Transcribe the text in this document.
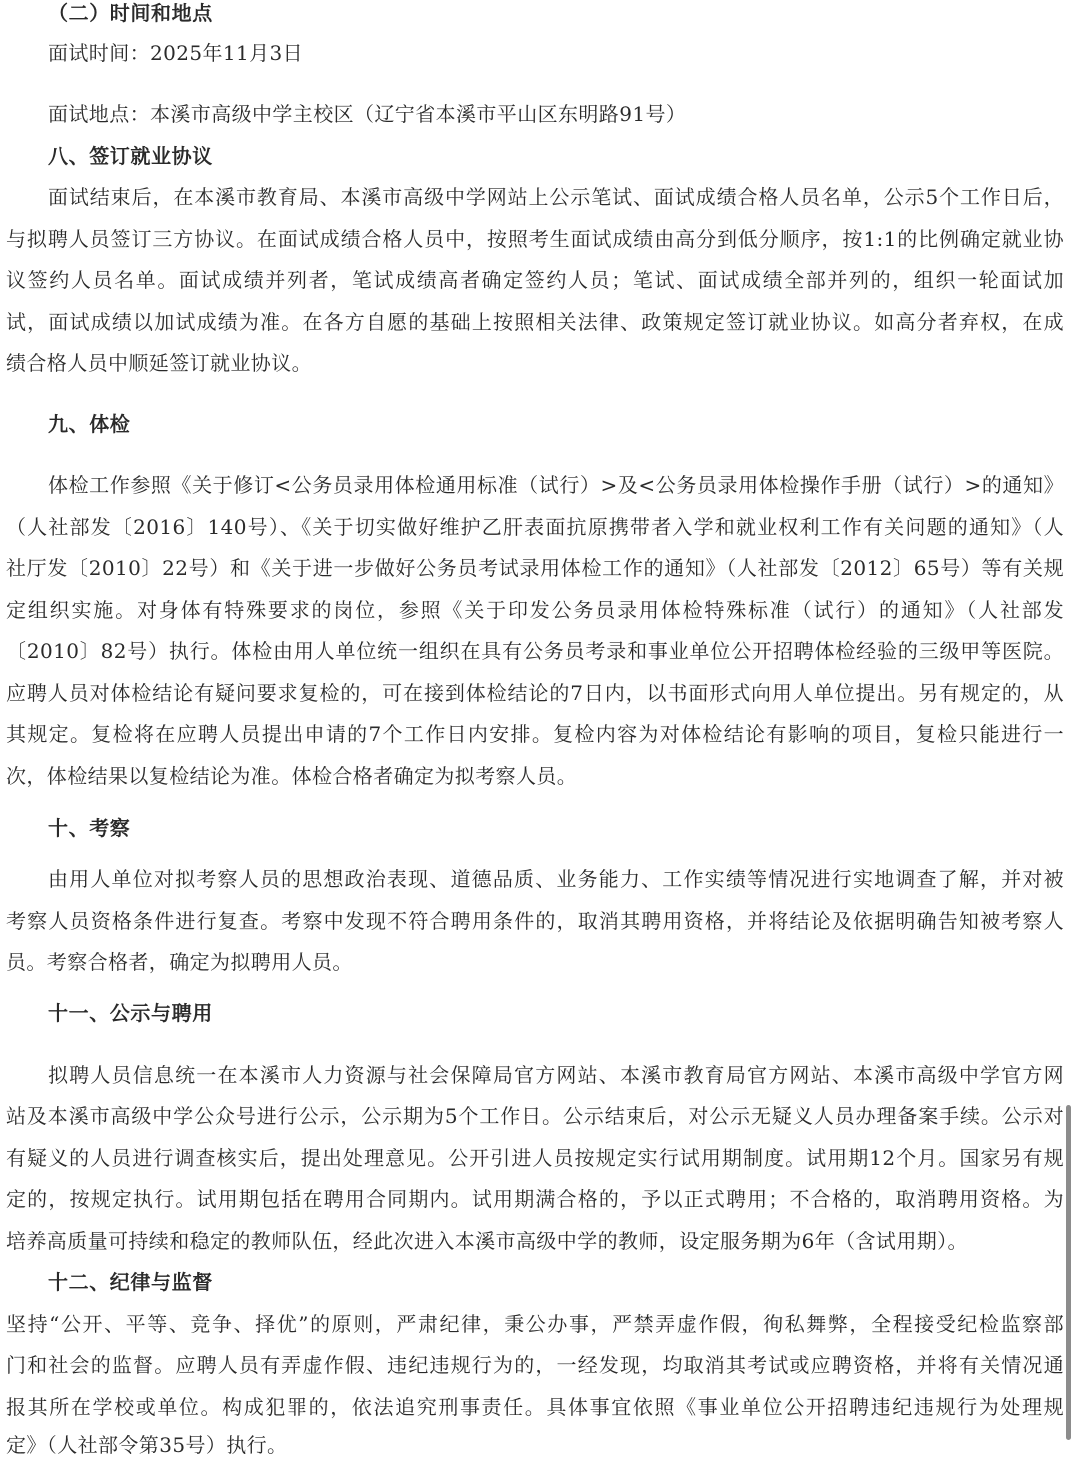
（二）时间和地点
面试时间：2025年11月3日
面试地点：本溪市高级中学主校区（辽宁省本溪市平山区东明路91号）
八、签订就业协议
面试结束后，在本溪市教育局、本溪市高级中学网站上公示笔试、面试成绩合格人员名单，公示5个工作日后，
与拟聘人员签订三方协议。在面试成绩合格人员中，按照考生面试成绩由高分到低分顺序，按1:1的比例确定就业协
议签约人员名单。面试成绩并列者，笔试成绩高者确定签约人员；笔试、面试成绩全部并列的，组织一轮面试加
试，面试成绩以加试成绩为准。在各方自愿的基础上按照相关法律、政策规定签订就业协议。如高分者弃权，在成
绩合格人员中顺延签订就业协议。
九、体检
体检工作参照《关于修订<公务员录用体检通用标准（试行）>及<公务员录用体检操作手册（试行）>的通知》
（人社部发〔2016〕140号）、《关于切实做好维护乙肝表面抗原携带者入学和就业权利工作有关问题的通知》（人
社厅发〔2010〕22号）和《关于进一步做好公务员考试录用体检工作的通知》（人社部发〔2012〕65号）等有关规
定组织实施。对身体有特殊要求的岗位，参照《关于印发公务员录用体检特殊标准（试行）的通知》（人社部发
〔2010〕82号）执行。体检由用人单位统一组织在具有公务员考录和事业单位公开招聘体检经验的三级甲等医院。
应聘人员对体检结论有疑问要求复检的，可在接到体检结论的7日内，以书面形式向用人单位提出。另有规定的，从
其规定。复检将在应聘人员提出申请的7个工作日内安排。复检内容为对体检结论有影响的项目，复检只能进行一
次，体检结果以复检结论为准。体检合格者确定为拟考察人员。
十、考察
由用人单位对拟考察人员的思想政治表现、道德品质、业务能力、工作实绩等情况进行实地调查了解，并对被
考察人员资格条件进行复查。考察中发现不符合聘用条件的，取消其聘用资格，并将结论及依据明确告知被考察人
员。考察合格者，确定为拟聘用人员。
十一、公示与聘用
拟聘人员信息统一在本溪市人力资源与社会保障局官方网站、本溪市教育局官方网站、本溪市高级中学官方网
站及本溪市高级中学公众号进行公示，公示期为5个工作日。公示结束后，对公示无疑义人员办理备案手续。公示对
有疑义的人员进行调查核实后，提出处理意见。公开引进人员按规定实行试用期制度。试用期12个月。国家另有规
定的，按规定执行。试用期包括在聘用合同期内。试用期满合格的，予以正式聘用；不合格的，取消聘用资格。为
培养高质量可持续和稳定的教师队伍，经此次进入本溪市高级中学的教师，设定服务期为6年（含试用期）。
十二、纪律与监督
坚持“公开、平等、竞争、择优”的原则，严肃纪律，秉公办事，严禁弄虚作假，徇私舞弊，全程接受纪检监察部
门和社会的监督。应聘人员有弄虚作假、违纪违规行为的，一经发现，均取消其考试或应聘资格，并将有关情况通
报其所在学校或单位。构成犯罪的，依法追究刑事责任。具体事宜依照《事业单位公开招聘违纪违规行为处理规
定》（人社部令第35号）执行。
